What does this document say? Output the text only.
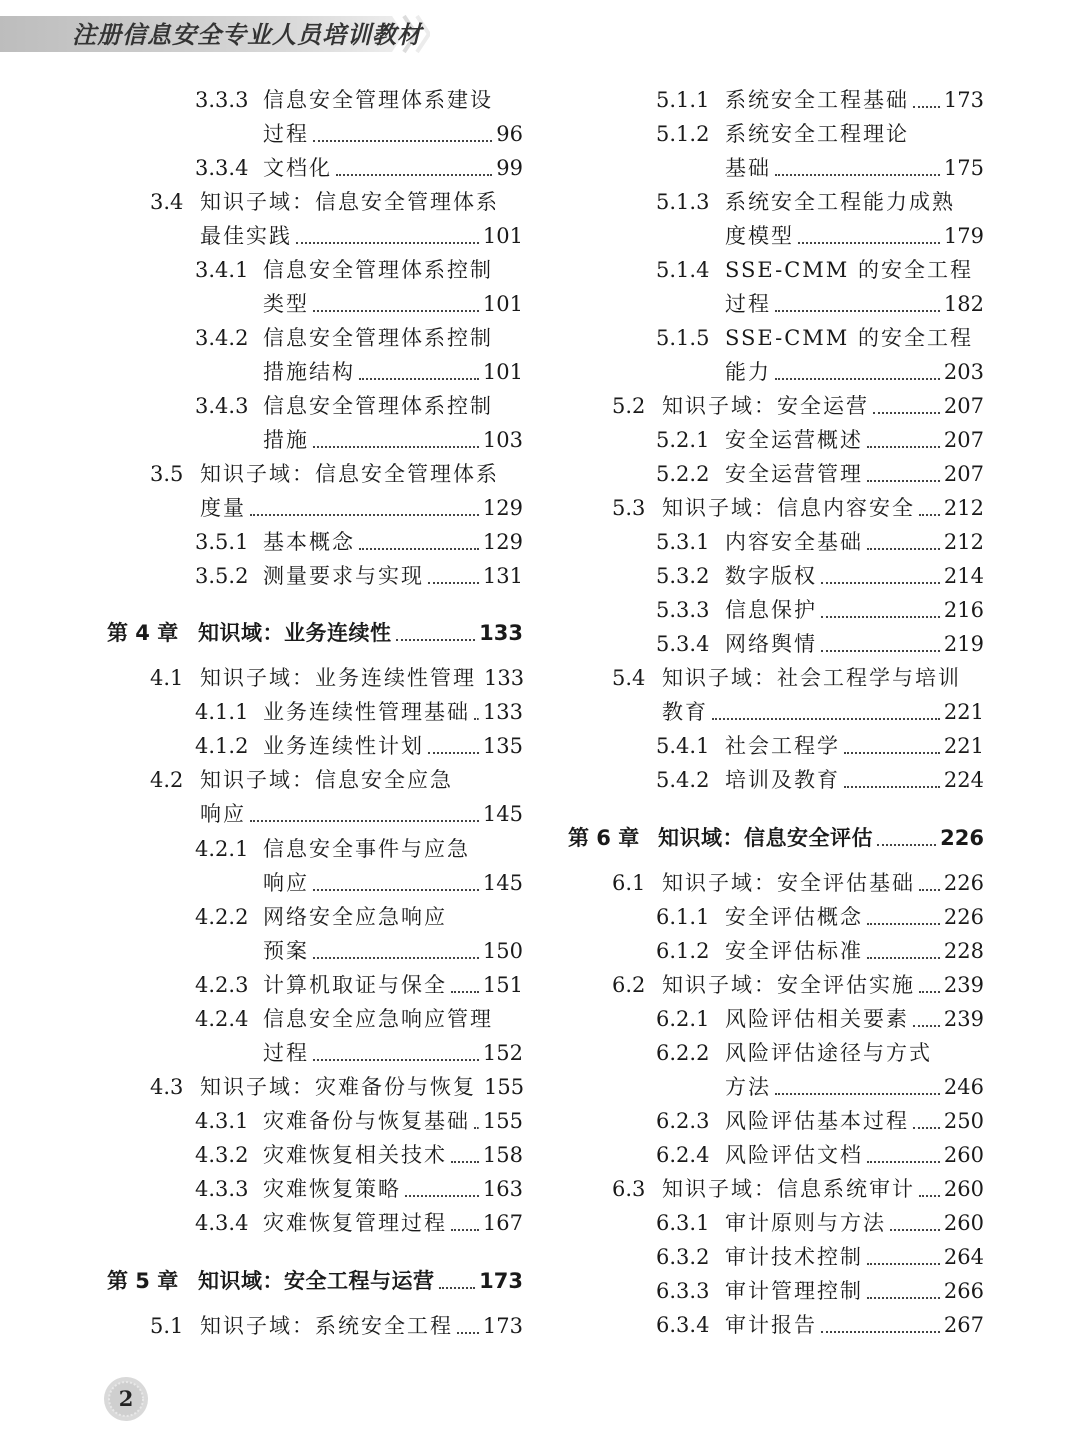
注册信息安全专业人员培训教材
3.3.3 信息安全管理体系建设
过程	96
3.3.4 文档化	99
3.4 知识子域：信息安全管理体系
最佳实践	101
3.4.1 信息安全管理体系控制
类型	101
3.4.2 信息安全管理体系控制
措施结构	101
3.4.3 信息安全管理体系控制
措施	103
3.5 知识子域：信息安全管理体系
度量	129
3.5.1 基本概念	129
3.5.2 测量要求与实现	131
第 4 章 知识域：业务连续性	133
4.1 知识子域：业务连续性管理 133
4.1.1 业务连续性管理基础 133
4.1.2 业务连续性计划	135
4.2 知识子域：信息安全应急
响应	145
4.2.1 信息安全事件与应急
响应	145
4.2.2 网络安全应急响应
预案	150
4.2.3 计算机取证与保全 151
4.2.4 信息安全应急响应管理
过程	152
4.3 知识子域：灾难备份与恢复 155
4.3.1 灾难备份与恢复基础 155
4.3.2 灾难恢复相关技术 158
4.3.3 灾难恢复策略	163
4.3.4 灾难恢复管理过程 167
第 5 章 知识域：安全工程与运营 173
5.1 知识子域：系统安全工程 173
5.1.1 系统安全工程基础 173
5.1.2 系统安全工程理论
基础	175
5.1.3 系统安全工程能力成熟
度模型	179
5.1.4 SSE-CMM 的安全工程
过程	182
5.1.5 SSE-CMM 的安全工程
能力	203
5.2 知识子域：安全运营	207
5.2.1 安全运营概述	207
5.2.2 安全运营管理	207
5.3 知识子域：信息内容安全 212
5.3.1 内容安全基础	212
5.3.2 数字版权	214
5.3.3 信息保护	216
5.3.4 网络舆情	219
5.4 知识子域：社会工程学与培训
教育	221
5.4.1 社会工程学	221
5.4.2 培训及教育	224
第 6 章 知识域：信息安全评估	226
6.1 知识子域：安全评估基础 226
6.1.1 安全评估概念	226
6.1.2 安全评估标准	228
6.2 知识子域：安全评估实施 239
6.2.1 风险评估相关要素 239
6.2.2 风险评估途径与方式
方法	246
6.2.3 风险评估基本过程 250
6.2.4 风险评估文档	260
6.3 知识子域：信息系统审计 260
6.3.1 审计原则与方法	260
6.3.2 审计技术控制	264
6.3.3 审计管理控制	266
6.3.4 审计报告	267
2
